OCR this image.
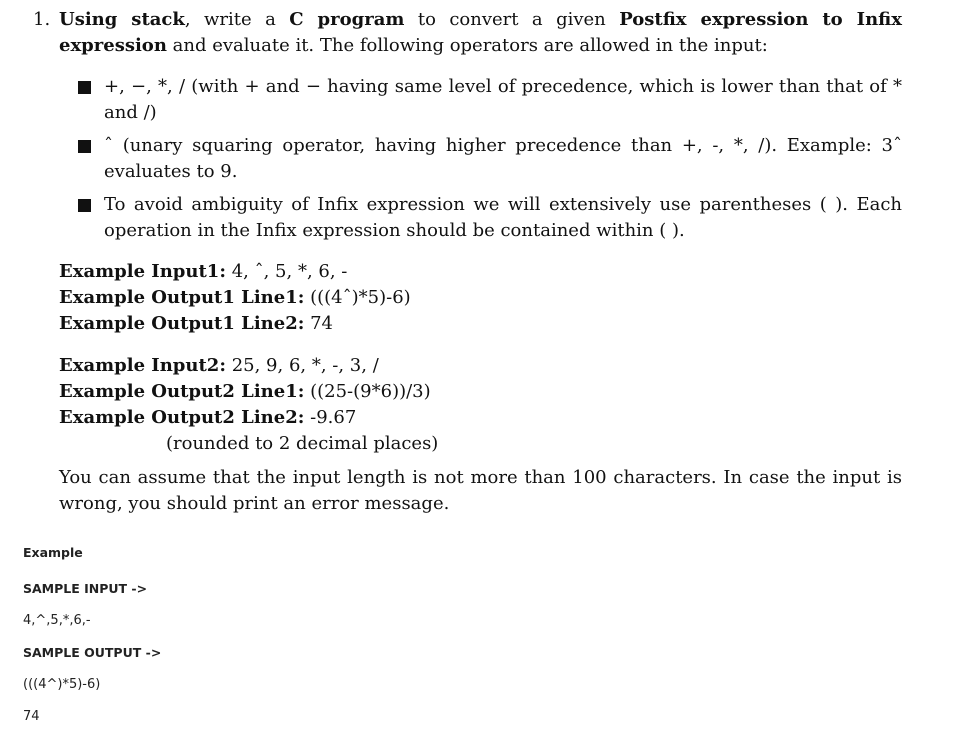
1. Using stack, write a C program to convert a given Postfix expression to Infix expression and evaluate it. The following operators are allowed in the input:
+, −, *, / (with + and − having same level of precedence, which is lower than that of * and /)
ˆ (unary squaring operator, having higher precedence than +, -, *, /). Example: 3ˆ evaluates to 9.
To avoid ambiguity of Infix expression we will extensively use parentheses ( ). Each operation in the Infix expression should be contained within ( ).
Example Input1: 4, ˆ, 5, *, 6, -
Example Output1 Line1: (((4ˆ)*5)-6)
Example Output1 Line2: 74
Example Input2: 25, 9, 6, *, -, 3, /
Example Output2 Line1: ((25-(9*6))/3)
Example Output2 Line2: -9.67
(rounded to 2 decimal places)
You can assume that the input length is not more than 100 characters. In case the input is wrong, you should print an error message.
Example
SAMPLE INPUT ->
4,^,5,*,6,-
SAMPLE OUTPUT ->
(((4^)*5)-6)
74
